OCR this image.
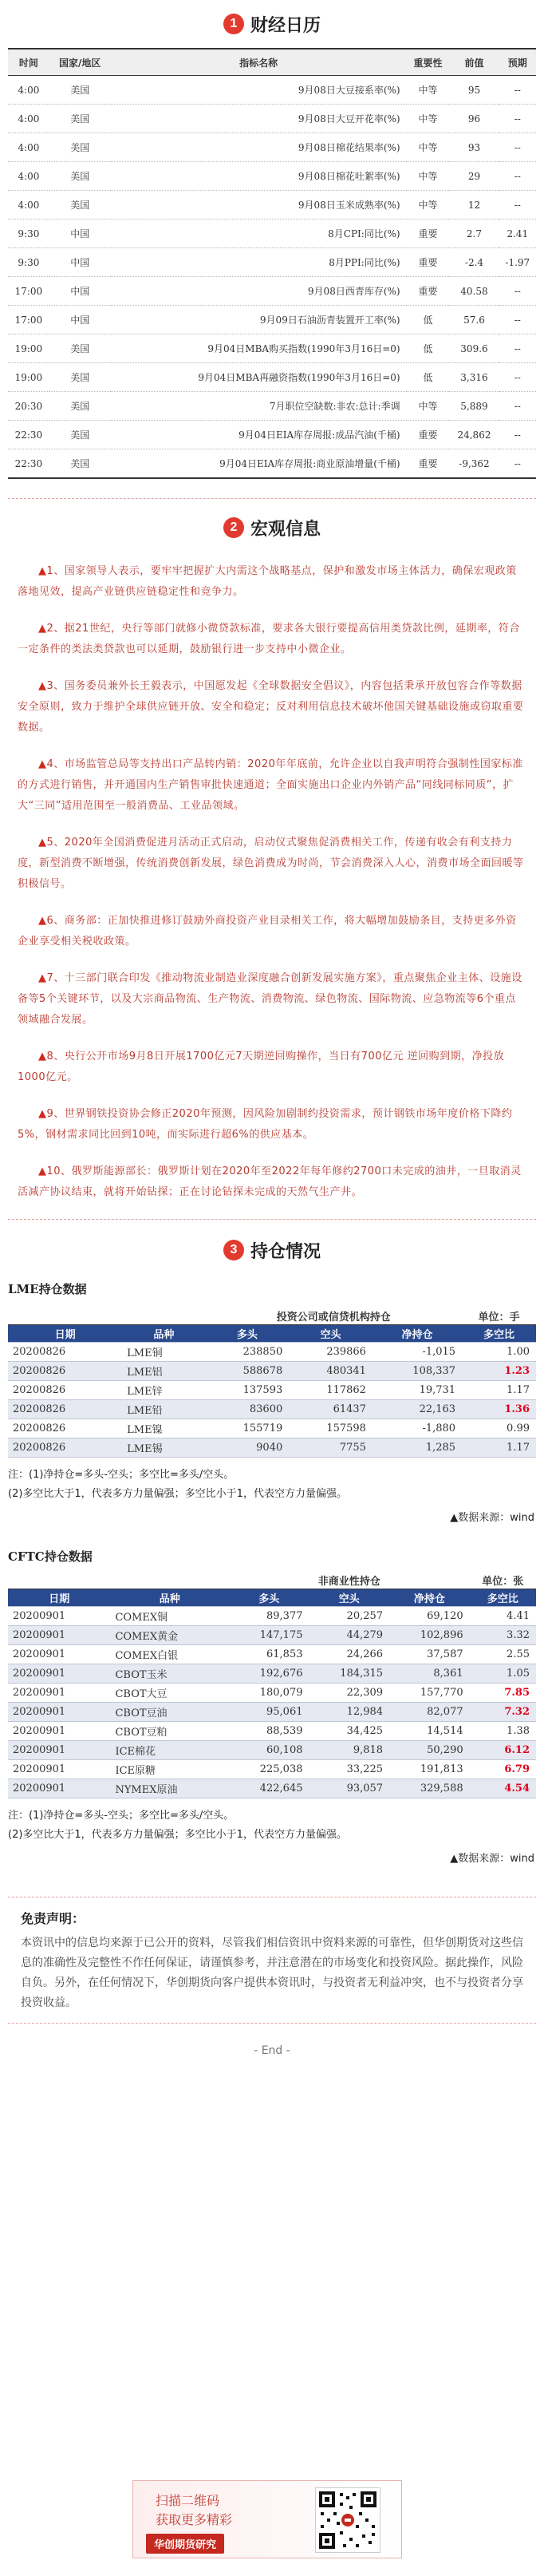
1 财经日历
时间	国家/地区	指标名称	重要性	前值	预期
4:00	美国	9月08日大豆接系率(%)	中等	95	--
4:00	美国	9月08日大豆开花率(%)	中等	96	--
4:00	美国	9月08日棉花结果率(%)	中等	93	--
4:00	美国	9月08日棉花吐絮率(%)	中等	29	--
4:00	美国	9月08日玉米成熟率(%)	中等	12	--
9:30	中国	8月CPI:同比(%)	重要	2.7	2.41
9:30	中国	8月PPI:同比(%)	重要	-2.4	-1.97
17:00	中国	9月08日西青库存(%)	重要	40.58	--
17:00	中国	9月09日石油沥青装置开工率(%)	低	57.6	--
19:00	美国	9月04日MBA购买指数(1990年3月16日=0)	低	309.6	--
19:00	美国	9月04日MBA再融资指数(1990年3月16日=0)	低	3,316	--
20:30	美国	7月职位空缺数:非农:总计:季调	中等	5,889	--
22:30	美国	9月04日EIA库存周报:成品汽油(千桶)	重要	24,862	--
22:30	美国	9月04日EIA库存周报:商业原油增量(千桶)	重要	-9,362	--
2 宏观信息

▲1、国家领导人表示，要牢牢把握扩大内需这个战略基点，保护和激发市场主体活力，确保宏观政策落地见效，提高产业链供应链稳定性和竞争力。

▲2、据21世纪，央行等部门就修小微贷款标准，要求各大银行要提高信用类贷款比例，延期率，符合一定条件的类法类贷款也可以延期，鼓励银行进一步支持中小微企业。

▲3、国务委员兼外长王毅表示，中国愿发起《全球数据安全倡议》，内容包括秉承开放包容合作等数据安全原则，致力于维护全球供应链开放、安全和稳定；反对利用信息技术破坏他国关键基础设施或窃取重要数据。

▲4、市场监管总局等支持出口产品转内销：2020年年底前，允许企业以自我声明符合强制性国家标准的方式进行销售，并开通国内生产销售审批快速通道；全面实施出口企业内外销产品“同线同标同质”，扩大“三同”适用范围至一般消费品、工业品领域。

▲5、2020年全国消费促进月活动正式启动，启动仪式聚焦促消费相关工作，传递有收会有利支持力度，新型消费不断增强，传统消费创新发展，绿色消费成为时尚，节会消费深入人心，消费市场全面回暖等积极信号。

▲6、商务部：正加快推进修订鼓励外商投资产业目录相关工作，将大幅增加鼓励条目，支持更多外资企业享受相关税收政策。

▲7、十三部门联合印发《推动物流业制造业深度融合创新发展实施方案》，重点聚焦企业主体、设施设备等5个关键环节，以及大宗商品物流、生产物流、消费物流、绿色物流、国际物流、应急物流等6个重点领域融合发展。

▲8、央行公开市场9月8日开展1700亿元7天期逆回购操作，当日有700亿元 逆回购到期，净投放1000亿元。

▲9、世界钢铁投资协会修正2020年预测，因风险加剧制约投资需求，预计钢铁市场年度价格下降约5%，钢材需求同比回到10吨，而实际进行超6%的供应基本。

▲10、俄罗斯能源部长：俄罗斯计划在2020年至2022年每年修约2700口未完成的油井，一旦取消灵活减产协议结束，就将开始钻探；正在讨论钻探未完成的天然气生产井。

3 持仓情况
LME持仓数据
		投资公司或信贷机构持仓			单位：手
日期	品种	多头	空头	净持仓	多空比
20200826	LME铜	238850	239866	-1,015	1.00
20200826	LME铝	588678	480341	108,337	1.23
20200826	LME锌	137593	117862	19,731	1.17
20200826	LME铅	83600	61437	22,163	1.36
20200826	LME镍	155719	157598	-1,880	0.99
20200826	LME锡	9040	7755	1,285	1.17
注：(1)净持仓=多头-空头；多空比=多头/空头。
(2)多空比大于1，代表多方力量偏强；多空比小于1，代表空方力量偏强。
▲数据来源：wind
CFTC持仓数据
		非商业性持仓			单位：张
日期	品种	多头	空头	净持仓	多空比
20200901	COMEX铜	89,377	20,257	69,120	4.41
20200901	COMEX黄金	147,175	44,279	102,896	3.32
20200901	COMEX白银	61,853	24,266	37,587	2.55
20200901	CBOT玉米	192,676	184,315	8,361	1.05
20200901	CBOT大豆	180,079	22,309	157,770	7.85
20200901	CBOT豆油	95,061	12,984	82,077	7.32
20200901	CBOT豆粕	88,539	34,425	14,514	1.38
20200901	ICE棉花	60,108	9,818	50,290	6.12
20200901	ICE原糖	225,038	33,225	191,813	6.79
20200901	NYMEX原油	422,645	93,057	329,588	4.54
注：(1)净持仓=多头-空头；多空比=多头/空头。
(2)多空比大于1，代表多方力量偏强；多空比小于1，代表空方力量偏强。
▲数据来源：wind
免责声明：
本资讯中的信息均来源于已公开的资料，尽管我们相信资讯中资料来源的可靠性，但华创期货对这些信息的准确性及完整性不作任何保证，请谨慎参考，并注意潜在的市场变化和投资风险。据此操作，风险自负。另外，在任何情况下，华创期货向客户提供本资讯时，与投资者无利益冲突，也不与投资者分享投资收益。
- End -
扫描二维码
获取更多精彩
华创期货研究
